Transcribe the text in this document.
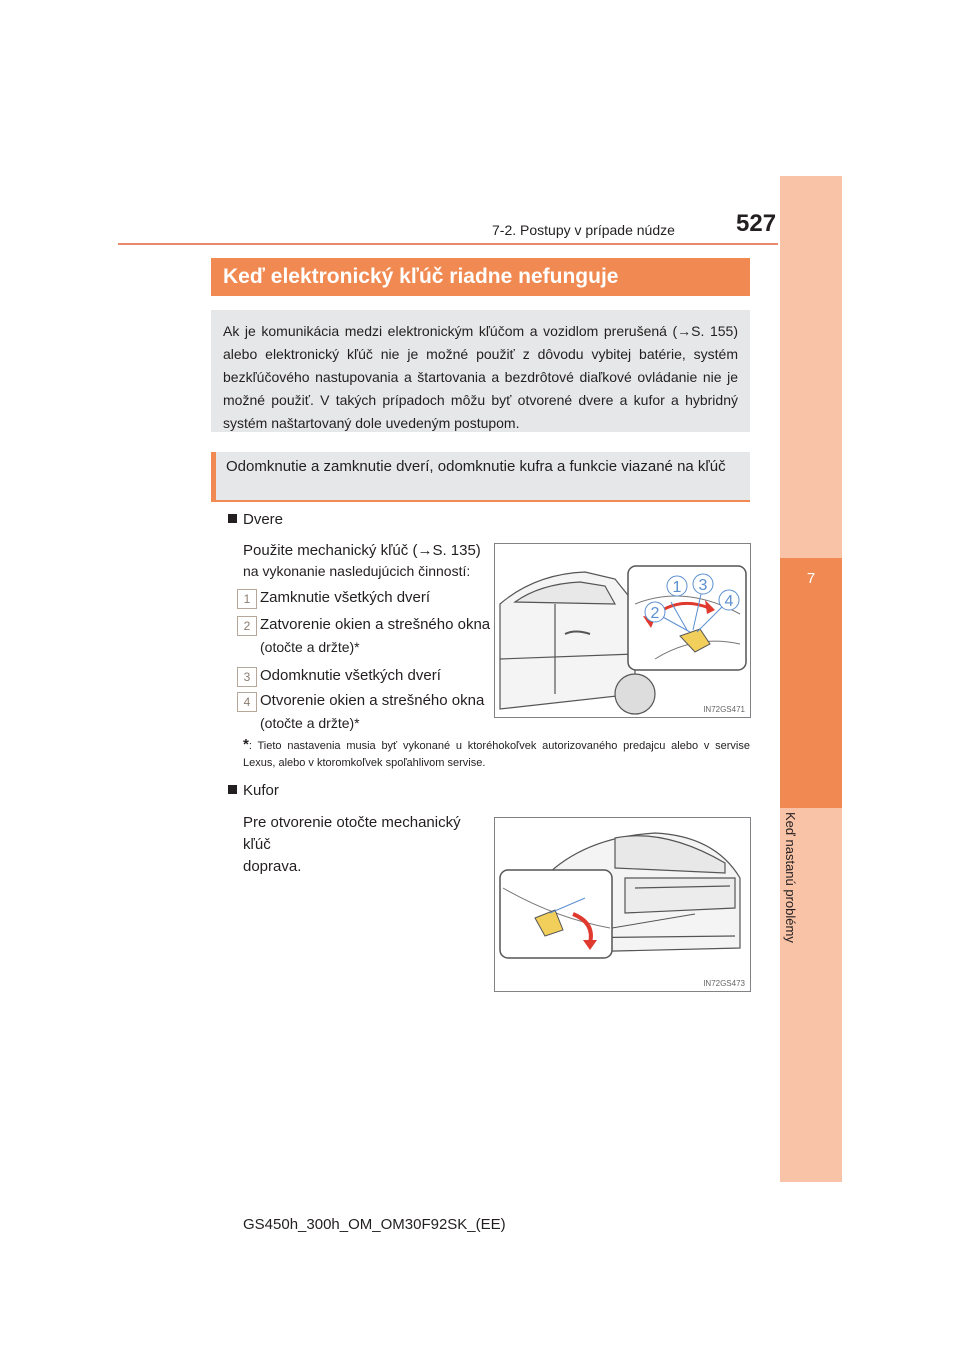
7-2. Postupy v prípade núdze	527
7
Keď nastanú problémy
Keď elektronický kľúč riadne nefunguje
Ak je komunikácia medzi elektronickým kľúčom a vozidlom prerušená (→S. 155) alebo elektronický kľúč nie je možné použiť z dôvodu vybitej batérie, systém bezkľúčového nastupovania a štartovania a bezdrôtové diaľkové ovládanie nie je možné použiť. V takých prípadoch môžu byť otvorené dvere a kufor a hybridný systém naštartovaný dole uvedeným postupom.
Odomknutie a zamknutie dverí, odomknutie kufra a funkcie viazané na kľúč
Dvere
Použite mechanický kľúč (→S. 135)
na vykonanie nasledujúcich činností:
1 Zamknutie všetkých dverí
2 Zatvorenie okien a strešného okna
(otočte a držte)*
3 Odomknutie všetkých dverí
4 Otvorenie okien a strešného okna
(otočte a držte)*
1
2
3
4
IN72GS471
*: Tieto nastavenia musia byť vykonané u ktoréhokoľvek autorizovaného predajcu alebo v servise Lexus, alebo v ktoromkoľvek spoľahlivom servise.
Kufor
Pre otvorenie otočte mechanický kľúč
doprava.
IN72GS473
GS450h_300h_OM_OM30F92SK_(EE)
